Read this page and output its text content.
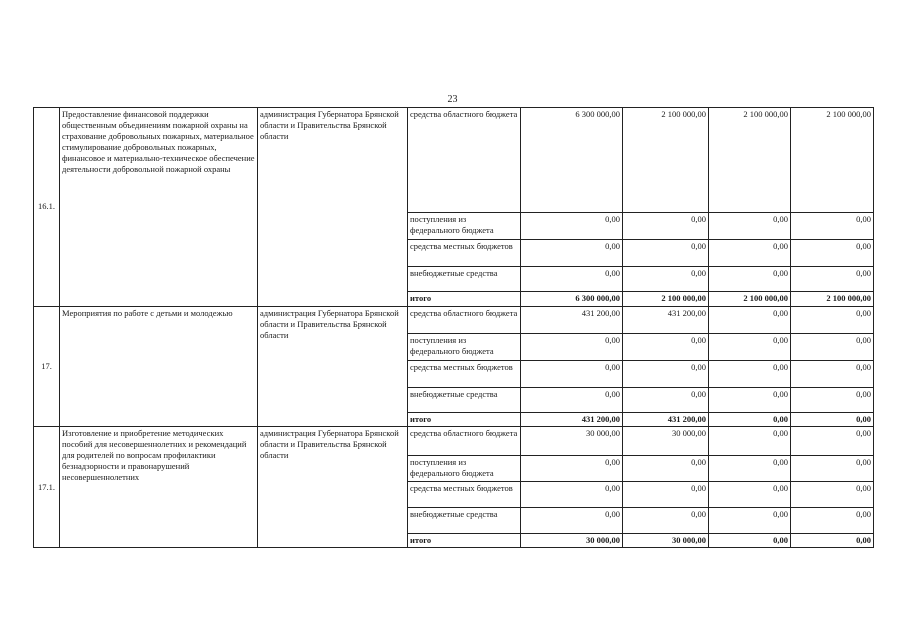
23
16.1.	Предоставление финансовой поддержки общественным объединениям пожарной охраны на страхование добровольных пожарных, материальное стимулирование добровольных пожарных, финансовое и материально-техническое обеспечение деятельности добровольной пожарной охраны	администрация Губернатора Брянской области и Правительства Брянской области	средства областного бюджета	6 300 000,00	2 100 000,00	2 100 000,00	2 100 000,00
			поступления из федерального бюджета	0,00	0,00	0,00	0,00
			средства местных бюджетов	0,00	0,00	0,00	0,00
			внебюджетные средства	0,00	0,00	0,00	0,00
			итого	6 300 000,00	2 100 000,00	2 100 000,00	2 100 000,00
17.	Мероприятия по работе с детьми и молодежью	администрация Губернатора Брянской области и Правительства Брянской области	средства областного бюджета	431 200,00	431 200,00	0,00	0,00
			поступления из федерального бюджета	0,00	0,00	0,00	0,00
			средства местных бюджетов	0,00	0,00	0,00	0,00
			внебюджетные средства	0,00	0,00	0,00	0,00
			итого	431 200,00	431 200,00	0,00	0,00
17.1.	Изготовление и приобретение методических пособий для несовершеннолетних и рекомендаций для родителей по вопросам профилактики безнадзорности и правонарушений несовершеннолетних	администрация Губернатора Брянской области и Правительства Брянской области	средства областного бюджета	30 000,00	30 000,00	0,00	0,00
			поступления из федерального бюджета	0,00	0,00	0,00	0,00
			средства местных бюджетов	0,00	0,00	0,00	0,00
			внебюджетные средства	0,00	0,00	0,00	0,00
			итого	30 000,00	30 000,00	0,00	0,00
